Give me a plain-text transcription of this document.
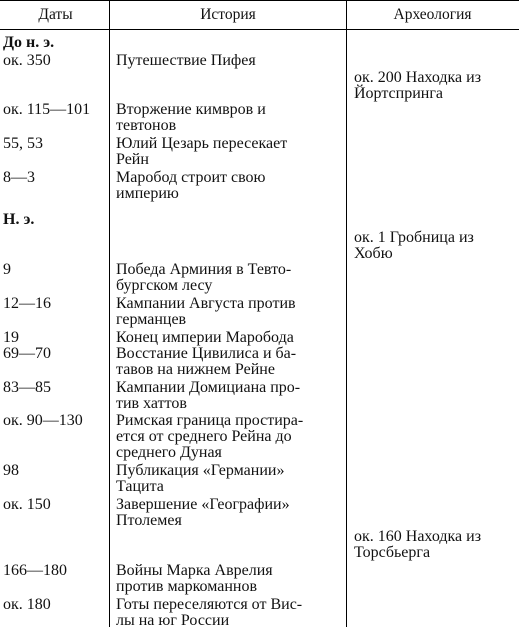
Даты	История	Археология
До н. э.
Н. э.
ок. 350
ок. 115—101
55, 53
8—3
9
12—16
19
69—70
83—85
ок. 90—130
98
ок. 150
166—180
ок. 180
Путешествие Пифея
Вторжение кимвров и
тевтонов
Юлий Цезарь пересекает
Рейн
Маробод строит свою
империю
Победа Арминия в Тевто-
бургском лесу
Кампании Августа против
германцев
Конец империи Маробода
Восстание Цивилиса и ба-
тавов на нижнем Рейне
Кампании Домициана про-
тив хаттов
Римская граница простира-
ется от среднего Рейна до
среднего Дуная
Публикация «Германии»
Тацита
Завершение «Географии»
Птолемея
Войны Марка Аврелия
против маркоманнов
Готы переселяются от Вис-
лы на юг России
ок. 200 Находка из
Йортспринга
ок. 1 Гробница из
Хобю
ок. 160 Находка из
Торсбьерга
